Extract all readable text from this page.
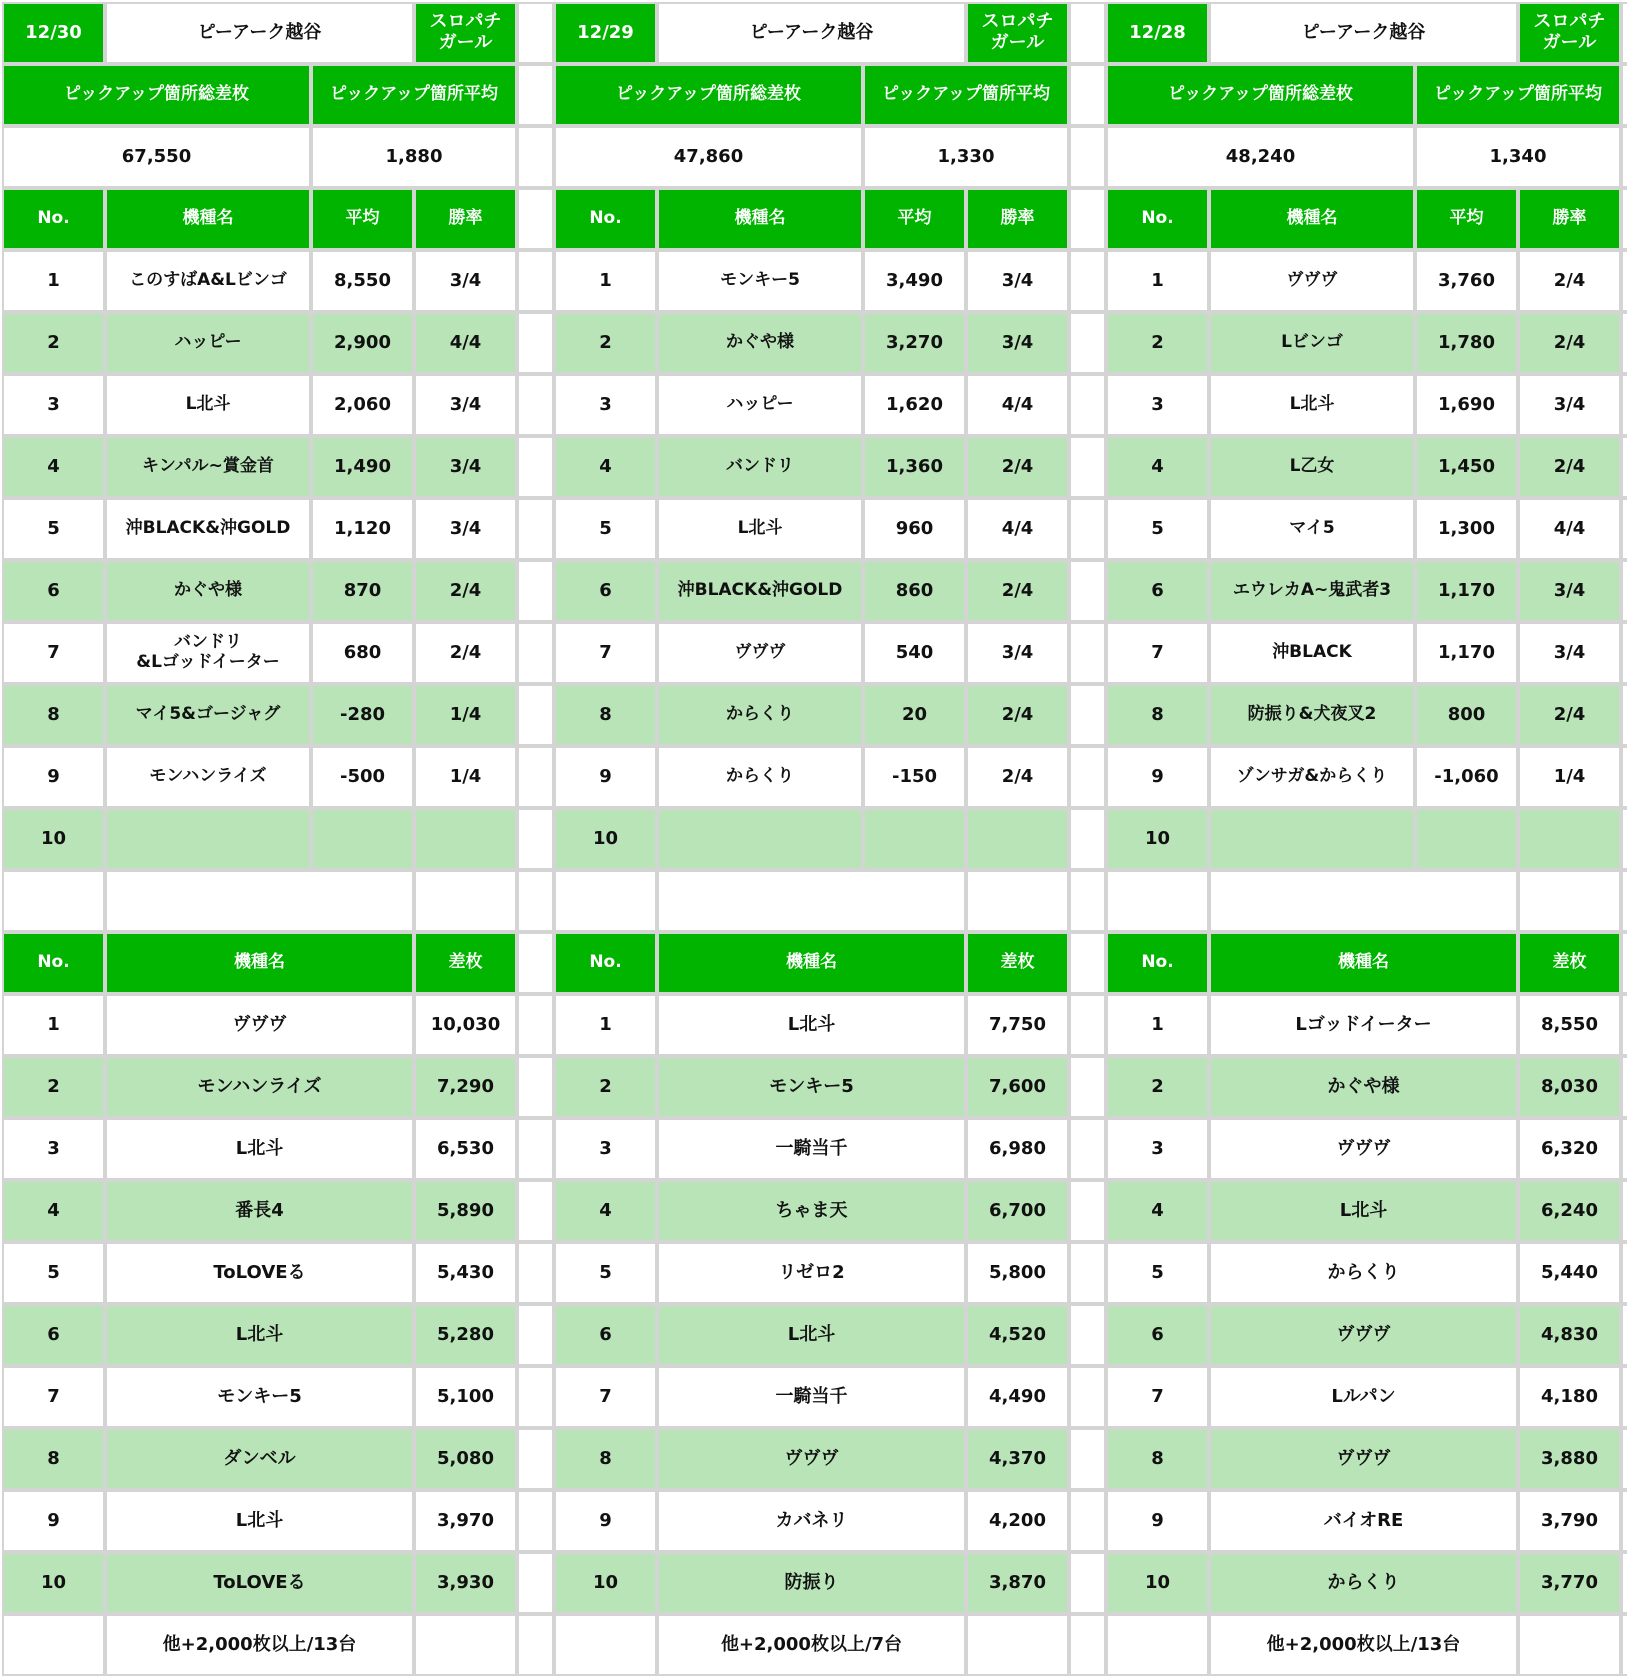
12/30	ピーアーク越谷	スロパチ
ガール
ピックアップ箇所総差枚	ピックアップ箇所平均
67,550	1,880
No.	機種名	平均	勝率
1	このすばA&Lビンゴ	8,550	3/4
2	ハッピー	2,900	4/4
3	L北斗	2,060	3/4
4	キンパル~賞金首	1,490	3/4
5	沖BLACK&沖GOLD	1,120	3/4
6	かぐや様	870	2/4
7	バンドリ
&Lゴッドイーター	680	2/4
8	マイ5&ゴージャグ	-280	1/4
9	モンハンライズ	-500	1/4
10
No.	機種名	差枚
1	ヴヴヴ	10,030
2	モンハンライズ	7,290
3	L北斗	6,530
4	番長4	5,890
5	ToLOVEる	5,430
6	L北斗	5,280
7	モンキー5	5,100
8	ダンベル	5,080
9	L北斗	3,970
10	ToLOVEる	3,930
他+2,000枚以上/13台
12/29	ピーアーク越谷	スロパチ
ガール
ピックアップ箇所総差枚	ピックアップ箇所平均
47,860	1,330
No.	機種名	平均	勝率
1	モンキー5	3,490	3/4
2	かぐや様	3,270	3/4
3	ハッピー	1,620	4/4
4	バンドリ	1,360	2/4
5	L北斗	960	4/4
6	沖BLACK&沖GOLD	860	2/4
7	ヴヴヴ	540	3/4
8	からくり	20	2/4
9	からくり	-150	2/4
10
No.	機種名	差枚
1	L北斗	7,750
2	モンキー5	7,600
3	一騎当千	6,980
4	ちゃま天	6,700
5	リゼロ2	5,800
6	L北斗	4,520
7	一騎当千	4,490
8	ヴヴヴ	4,370
9	カバネリ	4,200
10	防振り	3,870
他+2,000枚以上/7台
12/28	ピーアーク越谷	スロパチ
ガール
ピックアップ箇所総差枚	ピックアップ箇所平均
48,240	1,340
No.	機種名	平均	勝率
1	ヴヴヴ	3,760	2/4
2	Lビンゴ	1,780	2/4
3	L北斗	1,690	3/4
4	L乙女	1,450	2/4
5	マイ5	1,300	4/4
6	エウレカA~鬼武者3	1,170	3/4
7	沖BLACK	1,170	3/4
8	防振り&犬夜叉2	800	2/4
9	ゾンサガ&からくり	-1,060	1/4
10
No.	機種名	差枚
1	Lゴッドイーター	8,550
2	かぐや様	8,030
3	ヴヴヴ	6,320
4	L北斗	6,240
5	からくり	5,440
6	ヴヴヴ	4,830
7	Lルパン	4,180
8	ヴヴヴ	3,880
9	バイオRE	3,790
10	からくり	3,770
他+2,000枚以上/13台
